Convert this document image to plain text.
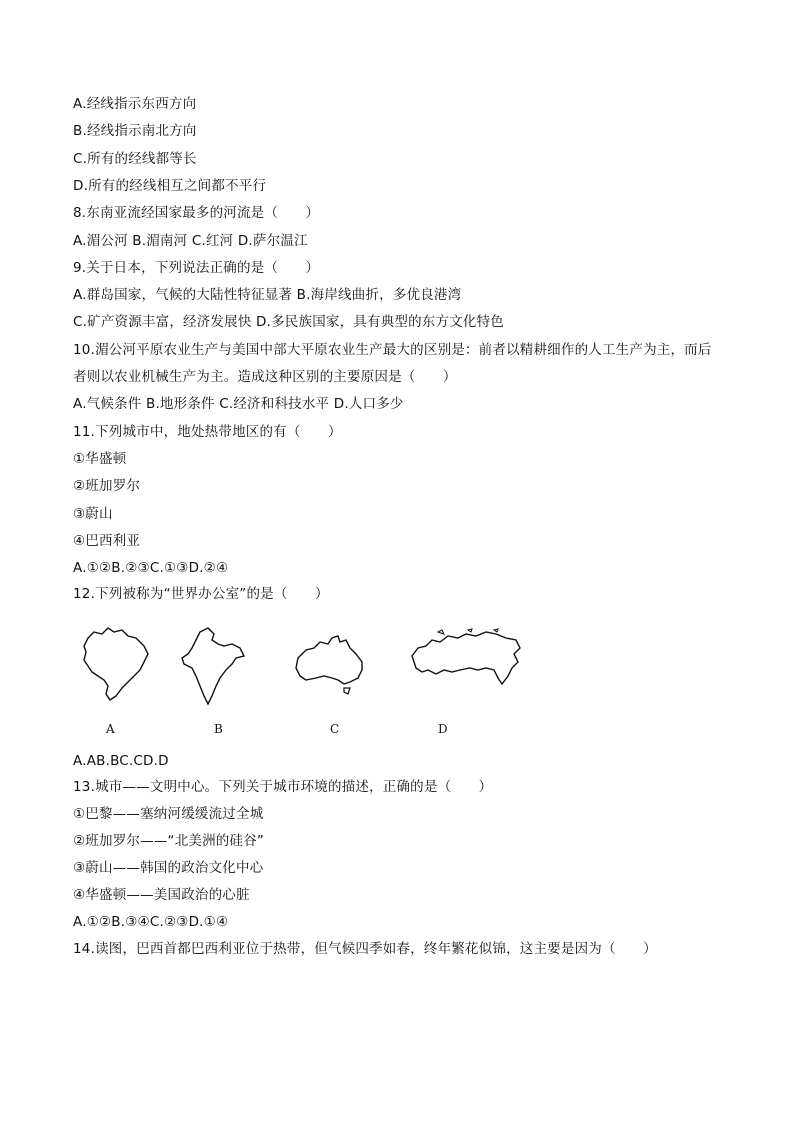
A.经线指示东西方向
B.经线指示南北方向
C.所有的经线都等长
D.所有的经线相互之间都不平行
8.东南亚流经国家最多的河流是（　　）
A.湄公河 B.湄南河 C.红河 D.萨尔温江
9.关于日本，下列说法正确的是（　　）
A.群岛国家，气候的大陆性特征显著 B.海岸线曲折，多优良港湾
C.矿产资源丰富，经济发展快 D.多民族国家，具有典型的东方文化特色
10.湄公河平原农业生产与美国中部大平原农业生产最大的区别是：前者以精耕细作的人工生产为主，而后
者则以农业机械生产为主。造成这种区别的主要原因是（　　）
A.气候条件 B.地形条件 C.经济和科技水平 D.人口多少
11.下列城市中，地处热带地区的有（　　）
①华盛顿
②班加罗尔
③蔚山
④巴西利亚
A.①②B.②③C.①③D.②④
12.下列被称为“世界办公室”的是（　　）
A	B	C	D
A.AB.BC.CD.D
13.城市——文明中心。下列关于城市环境的描述，正确的是（　　）
①巴黎——塞纳河缓缓流过全城
②班加罗尔——“北美洲的硅谷”
③蔚山——韩国的政治文化中心
④华盛顿——美国政治的心脏
A.①②B.③④C.②③D.①④
14.读图，巴西首都巴西利亚位于热带，但气候四季如春，终年繁花似锦，这主要是因为（　　）
